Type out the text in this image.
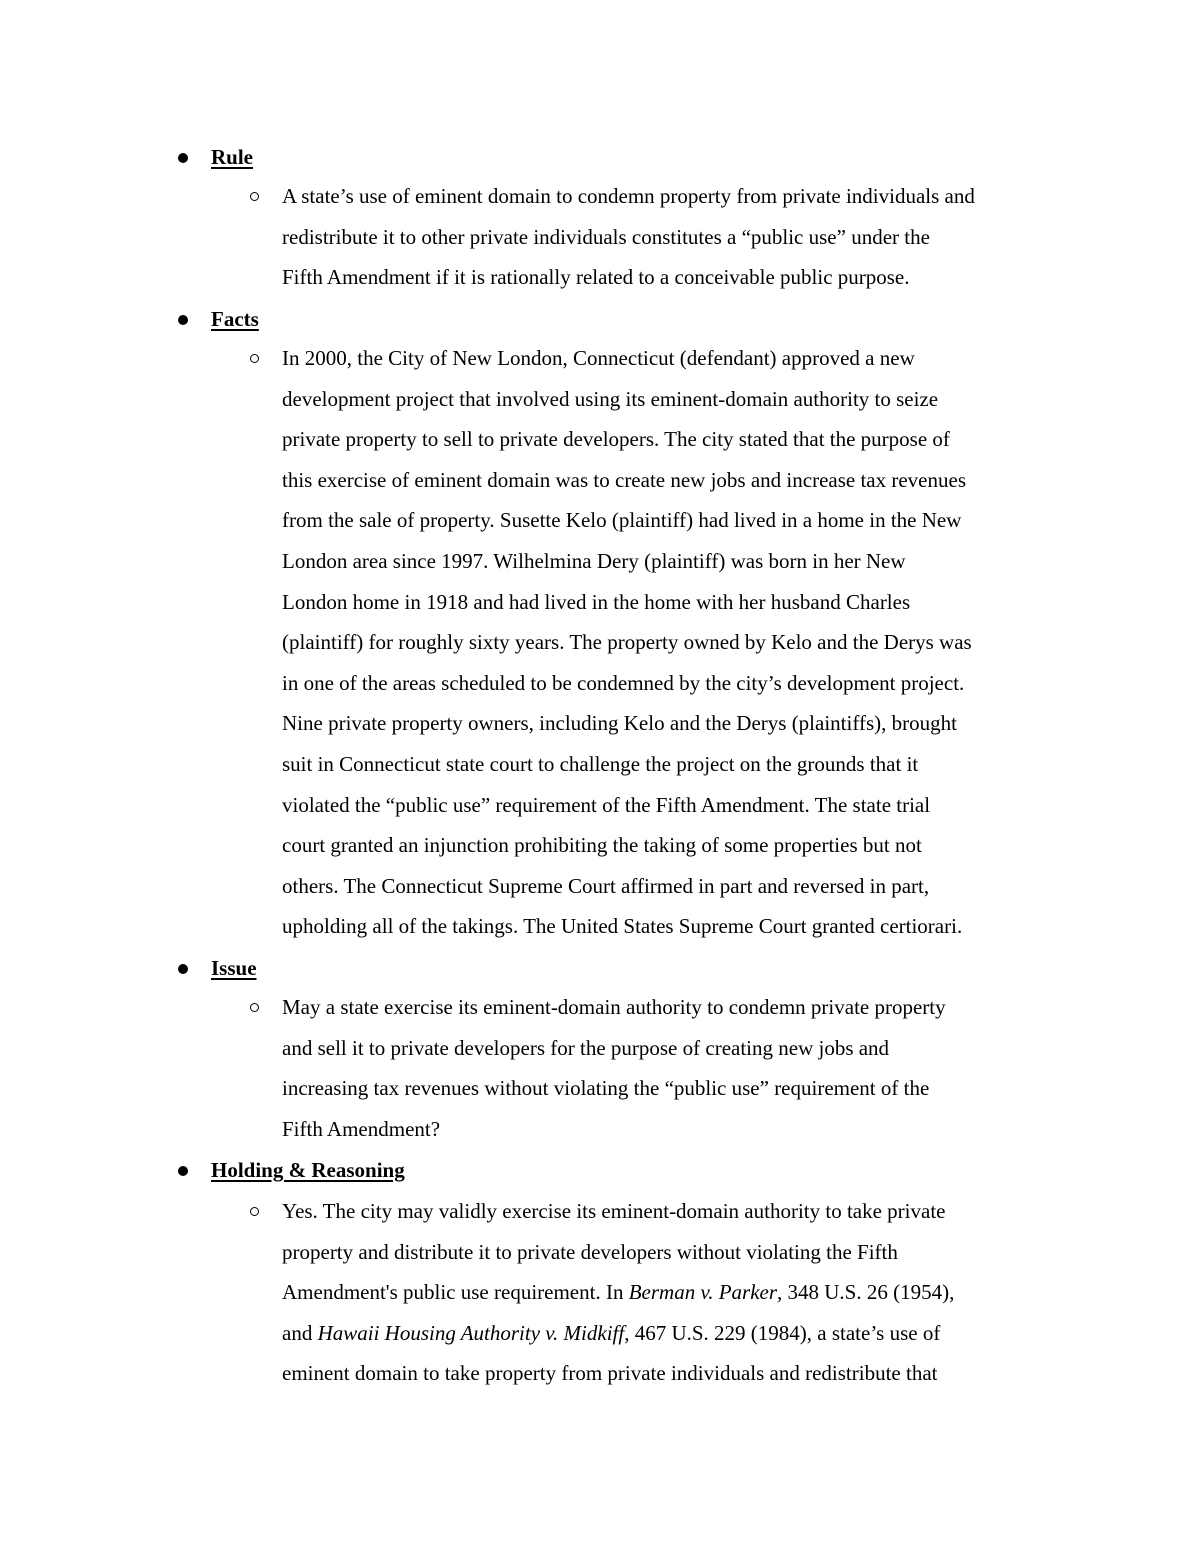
Rule
A state’s use of eminent domain to condemn property from private individuals and
redistribute it to other private individuals constitutes a “public use” under the
Fifth Amendment if it is rationally related to a conceivable public purpose.
Facts
In 2000, the City of New London, Connecticut (defendant) approved a new
development project that involved using its eminent-domain authority to seize
private property to sell to private developers. The city stated that the purpose of
this exercise of eminent domain was to create new jobs and increase tax revenues
from the sale of property. Susette Kelo (plaintiff) had lived in a home in the New
London area since 1997. Wilhelmina Dery (plaintiff) was born in her New
London home in 1918 and had lived in the home with her husband Charles
(plaintiff) for roughly sixty years. The property owned by Kelo and the Derys was
in one of the areas scheduled to be condemned by the city’s development project.
Nine private property owners, including Kelo and the Derys (plaintiffs), brought
suit in Connecticut state court to challenge the project on the grounds that it
violated the “public use” requirement of the Fifth Amendment. The state trial
court granted an injunction prohibiting the taking of some properties but not
others. The Connecticut Supreme Court affirmed in part and reversed in part,
upholding all of the takings. The United States Supreme Court granted certiorari.
Issue
May a state exercise its eminent-domain authority to condemn private property
and sell it to private developers for the purpose of creating new jobs and
increasing tax revenues without violating the “public use” requirement of the
Fifth Amendment?
Holding & Reasoning
Yes. The city may validly exercise its eminent-domain authority to take private
property and distribute it to private developers without violating the Fifth
Amendment's public use requirement. In Berman v. Parker, 348 U.S. 26 (1954),
and Hawaii Housing Authority v. Midkiff, 467 U.S. 229 (1984), a state’s use of
eminent domain to take property from private individuals and redistribute that
